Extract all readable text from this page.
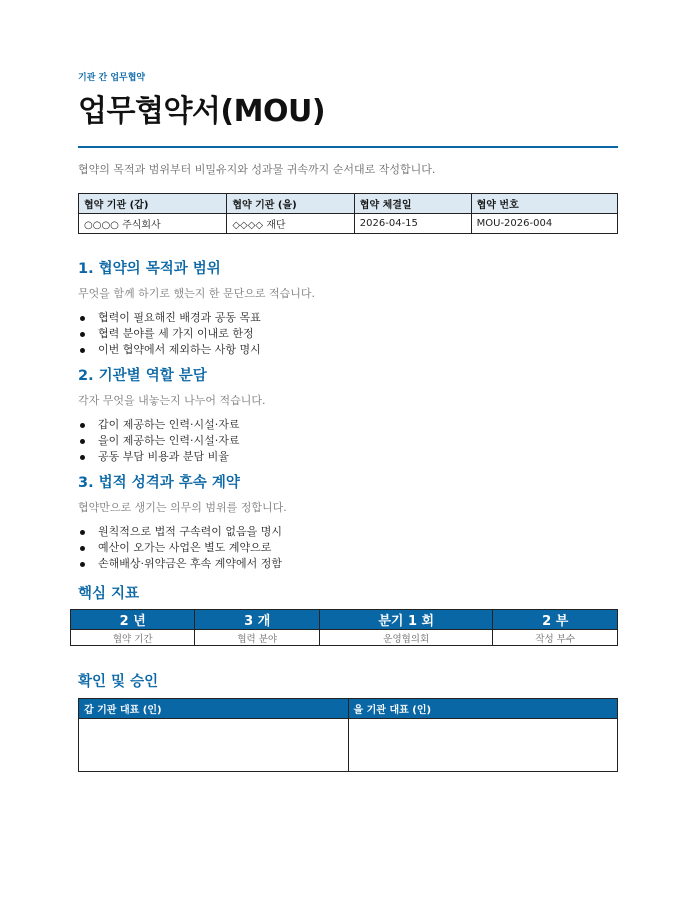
기관 간 업무협약
업무협약서(MOU)
협약의 목적과 범위부터 비밀유지와 성과물 귀속까지 순서대로 작성합니다.
협약 기관 (갑)	협약 기관 (을)	협약 체결일	협약 번호
○○○○ 주식회사	◇◇◇◇ 재단	2026-04-15	MOU-2026-004
1. 협약의 목적과 범위
무엇을 함께 하기로 했는지 한 문단으로 적습니다.
협력이 필요해진 배경과 공동 목표
협력 분야를 세 가지 이내로 한정
이번 협약에서 제외하는 사항 명시
2. 기관별 역할 분담
각자 무엇을 내놓는지 나누어 적습니다.
갑이 제공하는 인력·시설·자료
을이 제공하는 인력·시설·자료
공동 부담 비용과 분담 비율
3. 법적 성격과 후속 계약
협약만으로 생기는 의무의 범위를 정합니다.
원칙적으로 법적 구속력이 없음을 명시
예산이 오가는 사업은 별도 계약으로
손해배상·위약금은 후속 계약에서 정함
핵심 지표
2 년	3 개	분기 1 회	2 부
협약 기간	협력 분야	운영협의회	작성 부수
확인 및 승인
갑 기관 대표 (인)	을 기관 대표 (인)
